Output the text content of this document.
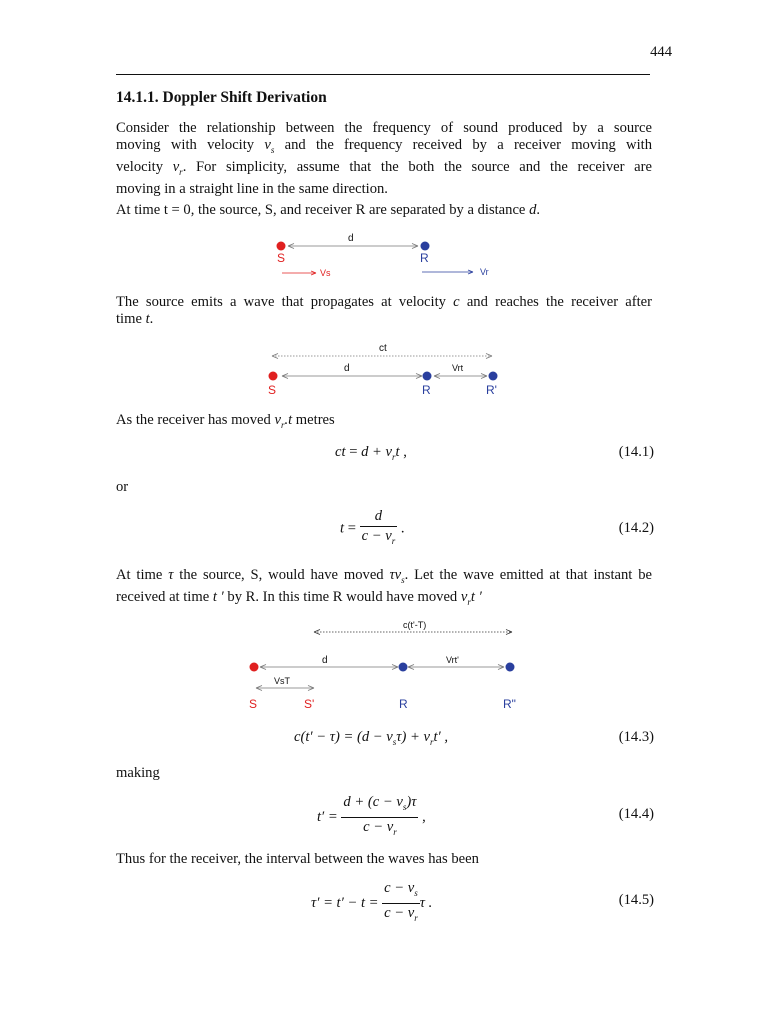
444
14.1.1. Doppler Shift Derivation
Consider the relationship between the frequency of sound produced by a source
moving with velocity $v_s$ and the frequency received by a receiver moving with
velocity $v_r$. For simplicity, assume that the both the source and the receiver are
moving in a straight line in the same direction.
At time t = 0, the source, S, and receiver R are separated by a distance d.
d
S	R
Vs	Vr
The source emits a wave that propagates at velocity c and reaches the receiver after
time t.
ct
d	Vrt
S	R	R'
As the receiver has moved $v_r.t$ metres
ct = $d + v_rt$ ,	(14.1)
or
$t = \frac{d}{c - v_r}$ .	(14.2)
At time τ the source, S, would have moved $\tau v_s$. Let the wave emitted at that instant be
received at time t ′ by R. In this time R would have moved $v_rt$ ′
c(t'-T)
d	Vrt'
VsT
S	S'	R	R"
$c(t' - \tau) = (d - v_s\tau) + v_rt'$ ,	(14.3)
making
$t' = \frac{d + (c - v_s)\tau}{c - v_r}$ ,	(14.4)
Thus for the receiver, the interval between the waves has been
$\tau' = t' - t = \frac{c - v_s}{c - v_r}$ τ .	(14.5)
